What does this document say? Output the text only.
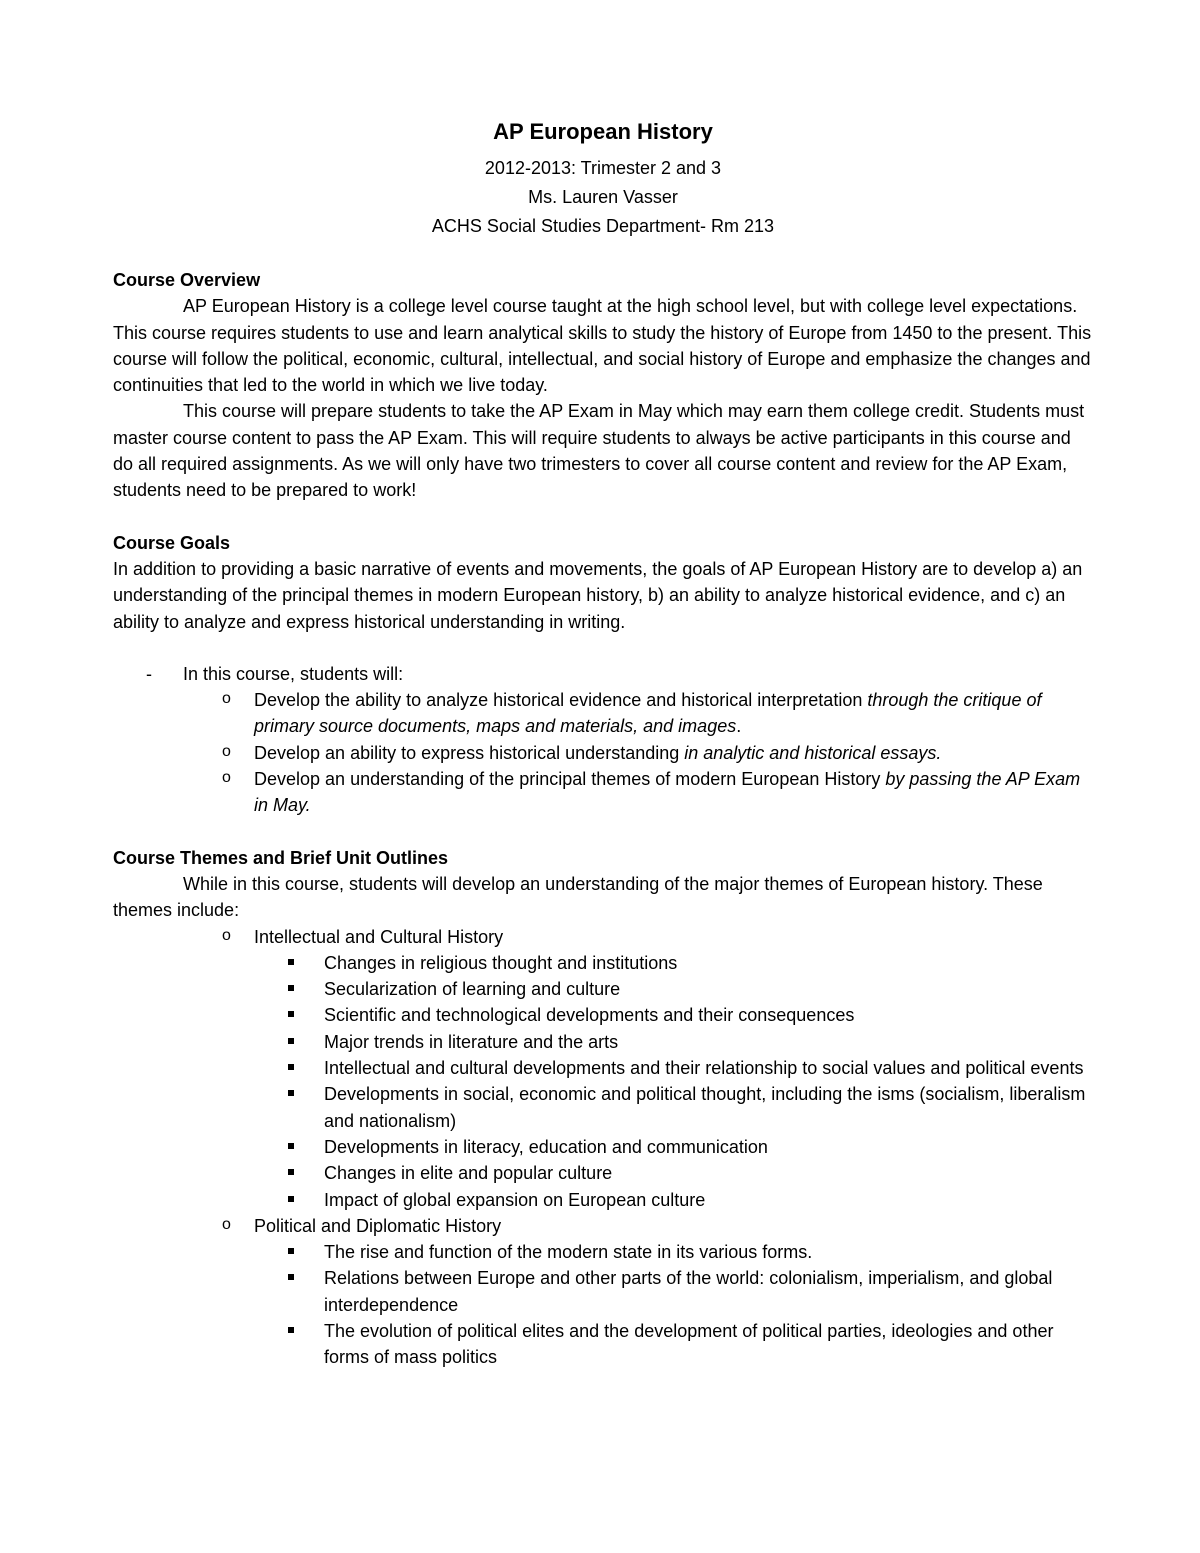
AP European History

2012-2013: Trimester 2 and 3

Ms. Lauren Vasser

ACHS Social Studies Department- Rm 213

Course Overview

AP European History is a college level course taught at the high school level, but with college level expectations. This course requires students to use and learn analytical skills to study the history of Europe from 1450 to the present. This course will follow the political, economic, cultural, intellectual, and social history of Europe and emphasize the changes and continuities that led to the world in which we live today.

This course will prepare students to take the AP Exam in May which may earn them college credit. Students must master course content to pass the AP Exam. This will require students to always be active participants in this course and do all required assignments. As we will only have two trimesters to cover all course content and review for the AP Exam, students need to be prepared to work!

Course Goals

In addition to providing a basic narrative of events and movements, the goals of AP European History are to develop a) an understanding of the principal themes in modern European history, b) an ability to analyze historical evidence, and c) an ability to analyze and express historical understanding in writing.

- In this course, students will:
o Develop the ability to analyze historical evidence and historical interpretation through the critique of primary source documents, maps and materials, and images.
o Develop an ability to express historical understanding in analytic and historical essays.
o Develop an understanding of the principal themes of modern European History by passing the AP Exam in May.
Course Themes and Brief Unit Outlines

While in this course, students will develop an understanding of the major themes of European history. These themes include:

o Intellectual and Cultural History
Changes in religious thought and institutions
Secularization of learning and culture
Scientific and technological developments and their consequences
Major trends in literature and the arts
Intellectual and cultural developments and their relationship to social values and political events
Developments in social, economic and political thought, including the isms (socialism, liberalism and nationalism)
Developments in literacy, education and communication
Changes in elite and popular culture
Impact of global expansion on European culture
o Political and Diplomatic History
The rise and function of the modern state in its various forms.
Relations between Europe and other parts of the world: colonialism, imperialism, and global interdependence
The evolution of political elites and the development of political parties, ideologies and other forms of mass politics
